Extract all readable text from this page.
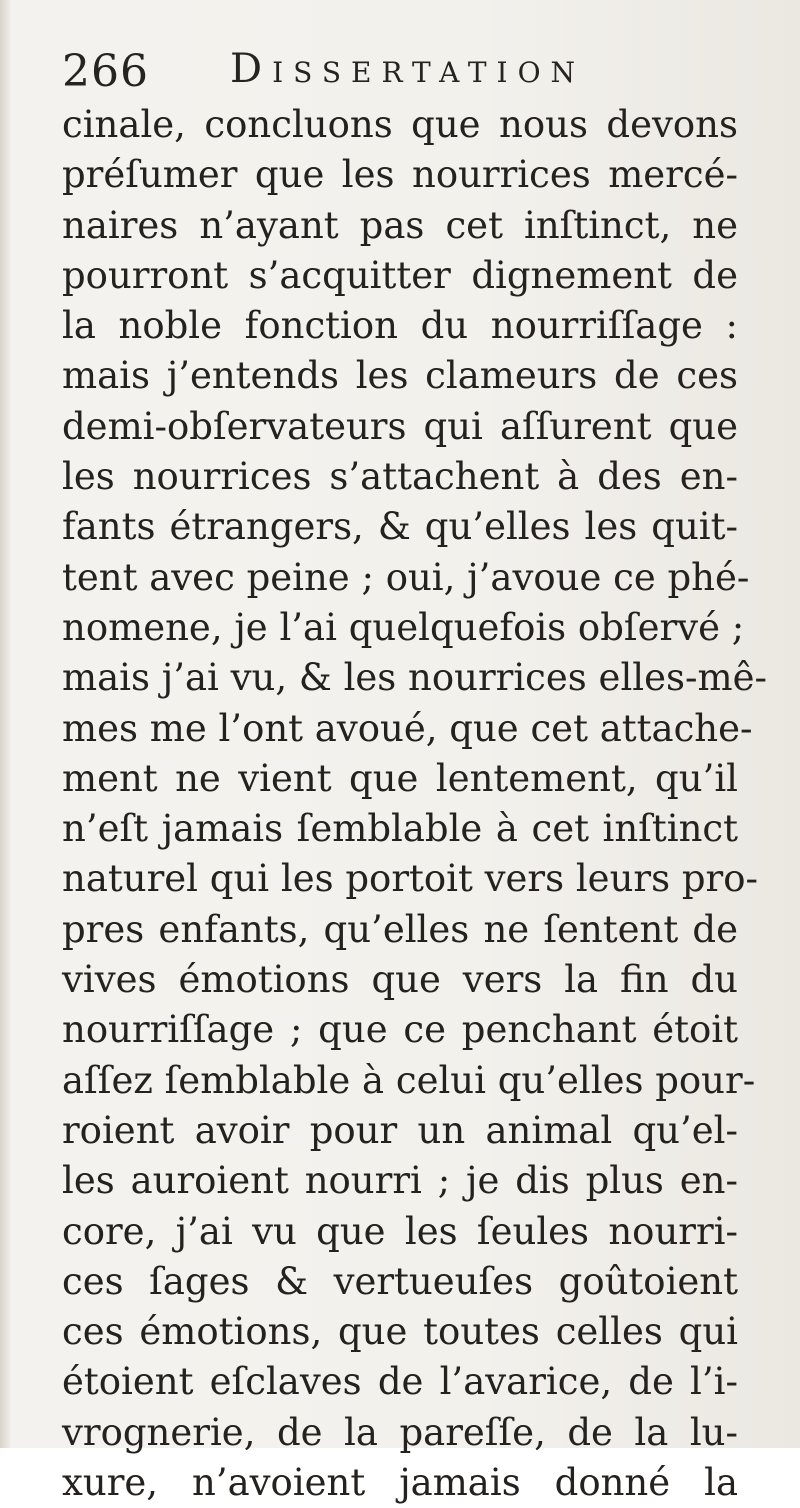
266 Dissertation
cinale, concluons que nous devons
préſumer que les nourrices mercé-
naires n’ayant pas cet inſtinct, ne
pourront s’acquitter dignement de
la noble fonction du nourriſſage :
mais j’entends les clameurs de ces
demi-obſervateurs qui aſſurent que
les nourrices s’attachent à des en-
fants étrangers, & qu’elles les quit-
tent avec peine ; oui, j’avoue ce phé-
nomene, je l’ai quelquefois obſervé ;
mais j’ai vu, & les nourrices elles-mê-
mes me l’ont avoué, que cet attache-
ment ne vient que lentement, qu’il
n’eſt jamais ſemblable à cet inſtinct
naturel qui les portoit vers leurs pro-
pres enfants, qu’elles ne ſentent de
vives émotions que vers la fin du
nourriſſage ; que ce penchant étoit
aſſez ſemblable à celui qu’elles pour-
roient avoir pour un animal qu’el-
les auroient nourri ; je dis plus en-
core, j’ai vu que les ſeules nourri-
ces ſages & vertueuſes goûtoient
ces émotions, que toutes celles qui
étoient eſclaves de l’avarice, de l’i-
vrognerie, de la pareſſe, de la lu-
xure, n’avoient jamais donné la
